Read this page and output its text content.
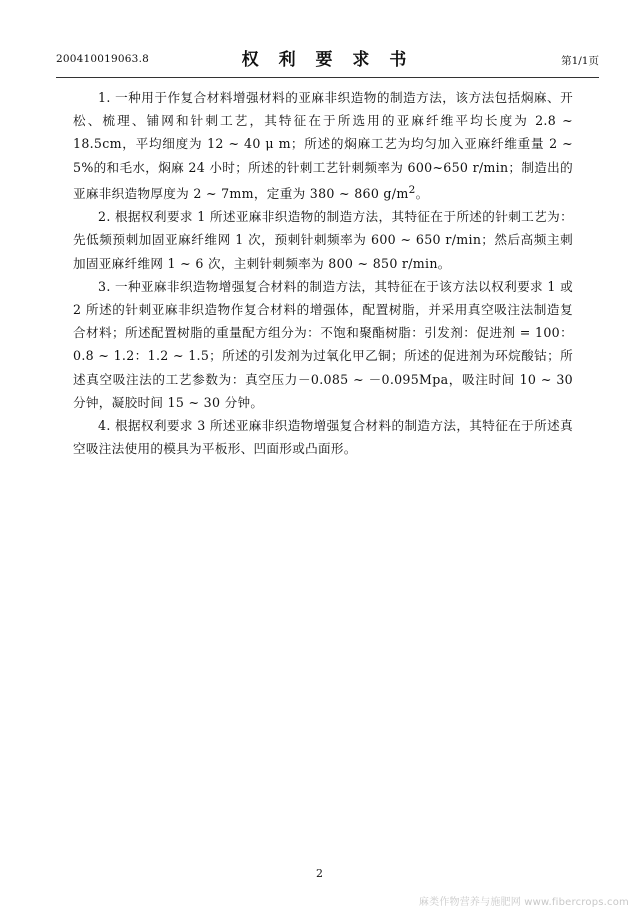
200410019063.8	权 利 要 求 书	第1/1页

1. 一种用于作复合材料增强材料的亚麻非织造物的制造方法，该方法包括焖麻、开松、梳理、铺网和针刺工艺，其特征在于所选用的亚麻纤维平均长度为 2.8 ~ 18.5cm，平均细度为 12 ~ 40 μ m；所述的焖麻工艺为均匀加入亚麻纤维重量 2 ~ 5%的和毛水，焖麻 24 小时；所述的针刺工艺针刺频率为 600~650 r/min；制造出的亚麻非织造物厚度为 2 ~ 7mm，定重为 380 ~ 860 $g/m^2$。

2. 根据权利要求 1 所述亚麻非织造物的制造方法，其特征在于所述的针刺工艺为：先低频预刺加固亚麻纤维网 1 次，预刺针刺频率为 600 ~ 650 r/min；然后高频主刺加固亚麻纤维网 1 ~ 6 次，主刺针刺频率为 800 ~ 850 r/min。

3. 一种亚麻非织造物增强复合材料的制造方法，其特征在于该方法以权利要求 1 或 2 所述的针刺亚麻非织造物作复合材料的增强体，配置树脂，并采用真空吸注法制造复合材料；所述配置树脂的重量配方组分为：不饱和聚酯树脂：引发剂：促进剂 = 100：0.8 ~ 1.2：1.2 ~ 1.5；所述的引发剂为过氧化甲乙铜；所述的促进剂为环烷酸钴；所述真空吸注法的工艺参数为：真空压力－0.085 ~ －0.095Mpa，吸注时间 10 ~ 30 分钟，凝胶时间 15 ~ 30 分钟。

4. 根据权利要求 3 所述亚麻非织造物增强复合材料的制造方法，其特征在于所述真空吸注法使用的模具为平板形、凹面形或凸面形。

2
麻类作物营养与施肥网 www.fibercrops.com
